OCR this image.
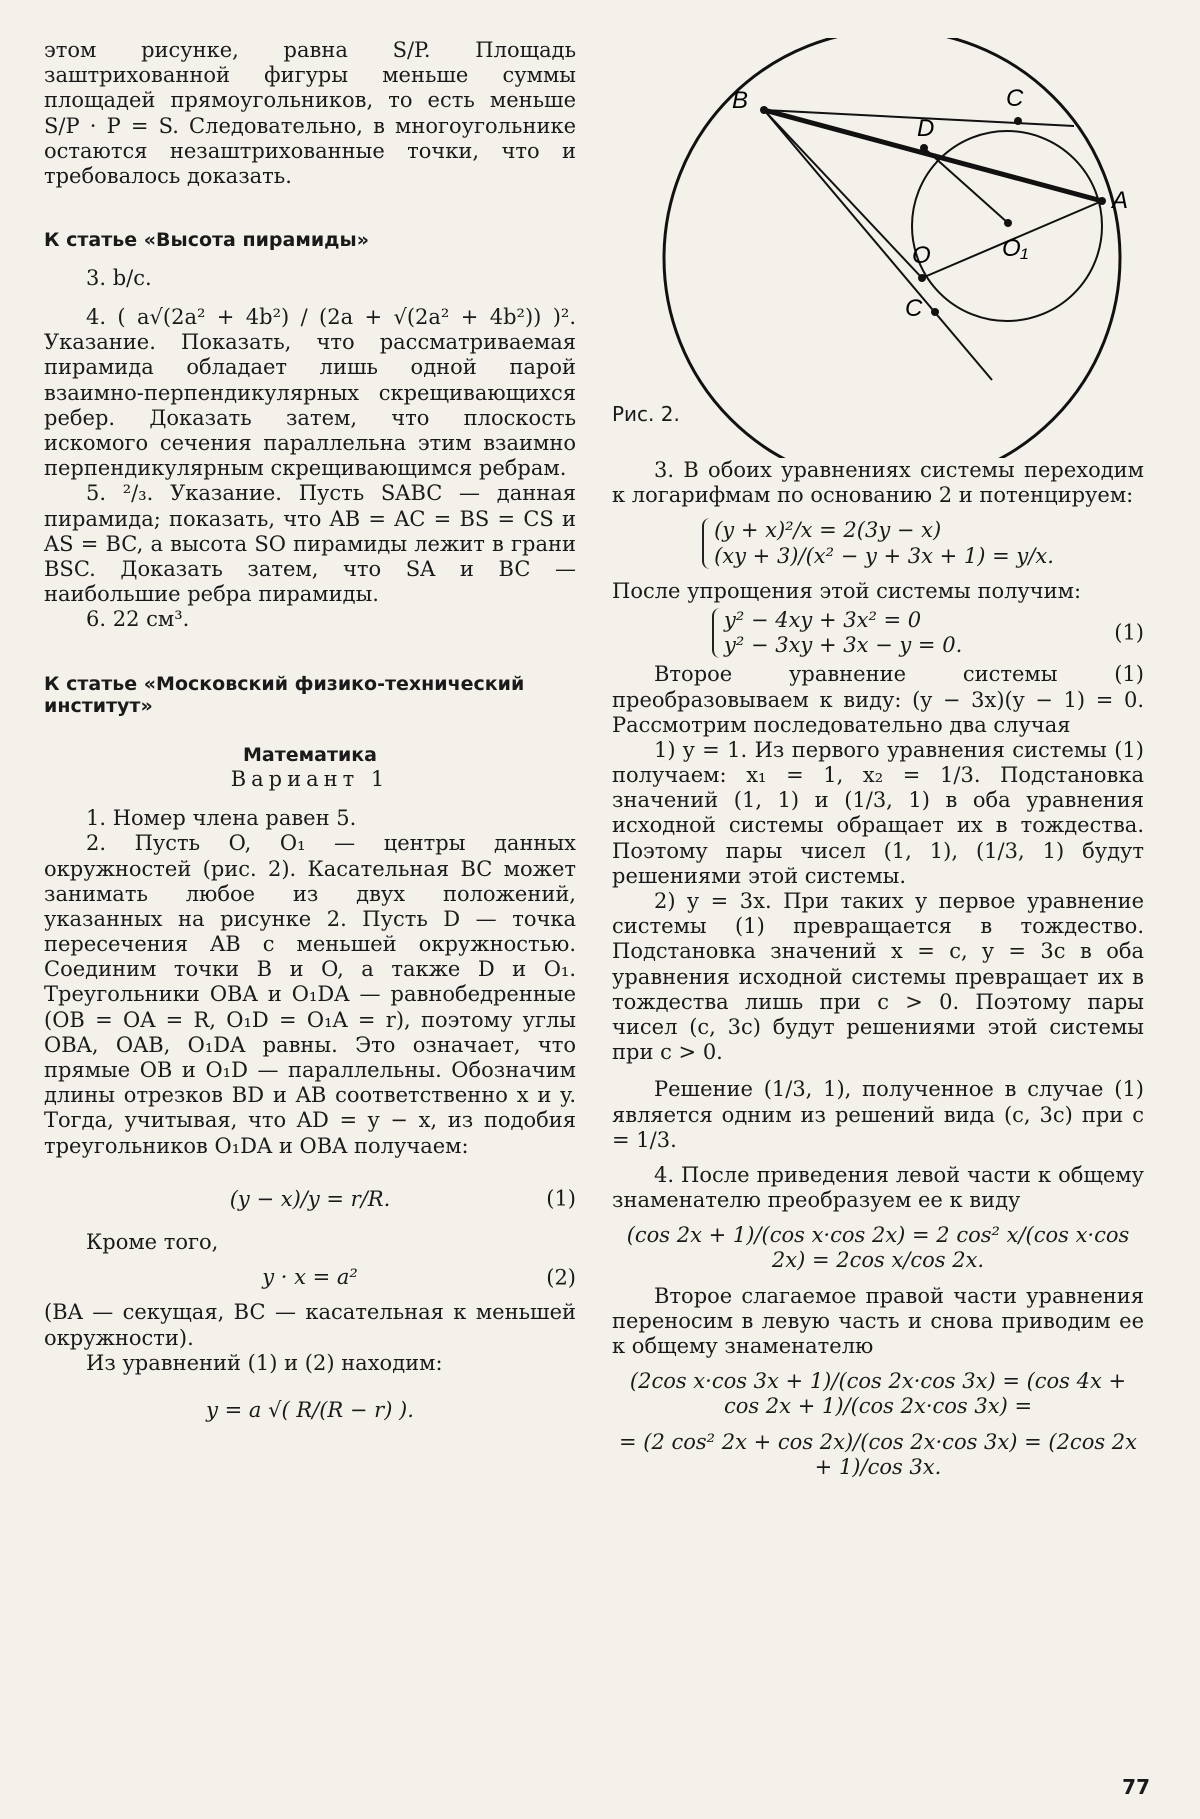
этом рисунке, равна S/P. Площадь заштрихованной фигуры меньше суммы площадей прямоугольников, то есть меньше S/P · P = S. Следовательно, в многоугольнике остаются незаштрихованные точки, что и требовалось доказать.

К статье «Высота пирамиды»

3. b/c.

4. ( a√(2a² + 4b²) / (2a + √(2a² + 4b²)) )². Указание. Показать, что рассматриваемая пирамида обладает лишь одной парой взаимно-перпендикулярных скрещивающихся ребер. Доказать затем, что плоскость искомого сечения параллельна этим взаимно перпендикулярным скрещивающимся ребрам.

5. ²/₃. Указание. Пусть SABC — данная пирамида; показать, что AB = AC = BS = CS и AS = BC, а высота SO пирамиды лежит в грани BSC. Доказать затем, что SA и BC — наибольшие ребра пирамиды.

6. 22 см³.

К статье «Московский физико-технический институт»
Математика
Вариант 1

1. Номер члена равен 5.

2. Пусть O, O₁ — центры данных окружностей (рис. 2). Касательная BC может занимать любое из двух положений, указанных на рисунке 2. Пусть D — точка пересечения AB с меньшей окружностью. Соединим точки B и O, а также D и O₁. Треугольники OBA и O₁DA — равнобедренные (OB = OA = R, O₁D = O₁A = r), поэтому углы OBA, OAB, O₁DA равны. Это означает, что прямые OB и O₁D — параллельны. Обозначим длины отрезков BD и AB соответственно x и y. Тогда, учитывая, что AD = y − x, из подобия треугольников O₁DA и OBA получаем:

(y − x)/y = r/R.	(1)

Кроме того,

y · x = a²	(2)

(BA — секущая, BC — касательная к меньшей окружности).

Из уравнений (1) и (2) находим:

y = a √( R/(R − r) ).
B	C
D
A
O	O₁
C
Рис. 2.

3. В обоих уравнениях системы переходим к логарифмам по основанию 2 и потенцируем:

(y + x)²/x = 2(3y − x)
(xy + 3)/(x² − y + 3x + 1) = y/x.

После упрощения этой системы получим:

y² − 4xy + 3x² = 0
y² − 3xy + 3x − y = 0.
(1)

Второе уравнение системы (1) преобразовываем к виду: (y − 3x)(y − 1) = 0. Рассмотрим последовательно два случая

1) y = 1. Из первого уравнения системы (1) получаем: x₁ = 1, x₂ = 1/3. Подстановка значений (1, 1) и (1/3, 1) в оба уравнения исходной системы обращает их в тождества. Поэтому пары чисел (1, 1), (1/3, 1) будут решениями этой системы.

2) y = 3x. При таких y первое уравнение системы (1) превращается в тождество. Подстановка значений x = c, y = 3c в оба уравнения исходной системы превращает их в тождества лишь при c > 0. Поэтому пары чисел (c, 3c) будут решениями этой системы при c > 0.

Решение (1/3, 1), полученное в случае (1) является одним из решений вида (c, 3c) при c = 1/3.

4. После приведения левой части к общему знаменателю преобразуем ее к виду

(cos 2x + 1)/(cos x·cos 2x) = 2 cos² x/(cos x·cos 2x) = 2cos x/cos 2x.

Второе слагаемое правой части уравнения переносим в левую часть и снова приводим ее к общему знаменателю

(2cos x·cos 3x + 1)/(cos 2x·cos 3x) = (cos 4x + cos 2x + 1)/(cos 2x·cos 3x) =
= (2 cos² 2x + cos 2x)/(cos 2x·cos 3x) = (2cos 2x + 1)/cos 3x.
77
